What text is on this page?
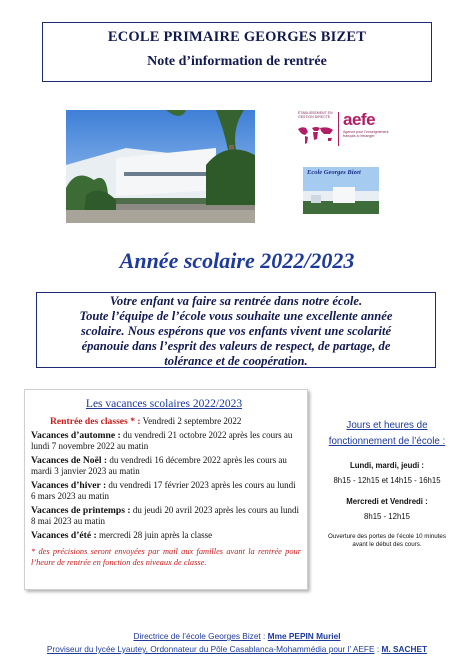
ECOLE PRIMAIRE GEORGES BIZET
Note d’information de rentrée
ÉTABLISSEMENT EN GESTION DIRECTE aefe
Agence pour l’enseignement français à l’étranger
Ecole Georges Bizet
Année scolaire 2022/2023
Votre enfant va faire sa rentrée dans notre école.
Toute l’équipe de l’école vous souhaite une excellente année
scolaire. Nous espérons que vos enfants vivent une scolarité
épanouie dans l’esprit des valeurs de respect, de partage, de
tolérance et de coopération.
Les vacances scolaires 2022/2023
Rentrée des classes * : Vendredi 2 septembre 2022
Vacances d’automne : du vendredi 21 octobre 2022 après les cours au lundi 7 novembre 2022 au matin
Vacances de Noël : du vendredi 16 décembre 2022 après les cours au mardi 3 janvier 2023 au matin
Vacances d’hiver : du vendredi 17 février 2023 après les cours au lundi 6 mars 2023 au matin
Vacances de printemps : du jeudi 20 avril 2023 après les cours au lundi 8 mai 2023 au matin
Vacances d’été : mercredi 28 juin après la classe
* des précisions seront envoyées par mail aux familles avant la rentrée pour l’heure de rentrée en fonction des niveaux de classe.
Jours et heures de
fonctionnement de l’école :
Lundi, mardi, jeudi :
8h15 - 12h15 et 14h15 - 16h15
Mercredi et Vendredi :
8h15 - 12h15
Ouverture des portes de l’école 10 minutes avant le début des cours.
Directrice de l’école Georges Bizet : Mme PEPIN Muriel
Proviseur du lycée Lyautey, Ordonnateur du Pôle Casablanca-Mohammédia pour l’ AEFE : M. SACHET
